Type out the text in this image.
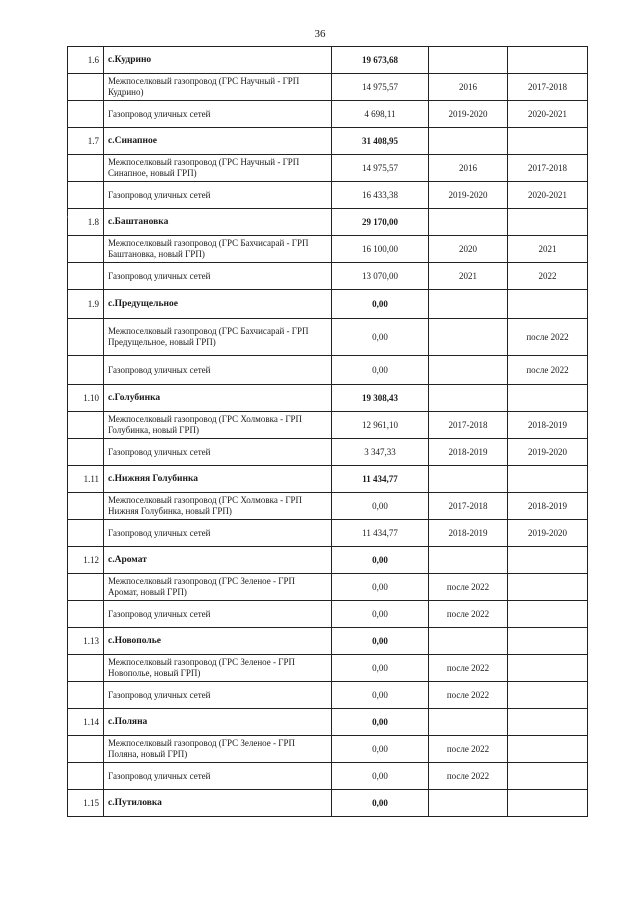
36
1.6	с.Кудрино	19 673,68		
	Межпоселковый газопровод (ГРС Научный - ГРП Кудрино)	14 975,57	2016	2017-2018
	Газопровод уличных сетей	4 698,11	2019-2020	2020-2021
1.7	с.Синапное	31 408,95		
	Межпоселковый газопровод (ГРС Научный - ГРП Синапное, новый ГРП)	14 975,57	2016	2017-2018
	Газопровод уличных сетей	16 433,38	2019-2020	2020-2021
1.8	с.Баштановка	29 170,00		
	Межпоселковый газопровод (ГРС Бахчисарай - ГРП Баштановка, новый ГРП)	16 100,00	2020	2021
	Газопровод уличных сетей	13 070,00	2021	2022
1.9	с.Предущельное	0,00		
	Межпоселковый газопровод (ГРС Бахчисарай - ГРП Предущельное, новый ГРП)	0,00		после 2022
	Газопровод уличных сетей	0,00		после 2022
1.10	с.Голубинка	19 308,43		
	Межпоселковый газопровод (ГРС Холмовка - ГРП Голубинка, новый ГРП)	12 961,10	2017-2018	2018-2019
	Газопровод уличных сетей	3 347,33	2018-2019	2019-2020
1.11	с.Нижняя Голубинка	11 434,77		
	Межпоселковый газопровод (ГРС Холмовка - ГРП Нижняя Голубинка, новый ГРП)	0,00	2017-2018	2018-2019
	Газопровод уличных сетей	11 434,77	2018-2019	2019-2020
1.12	с.Аромат	0,00		
	Межпоселковый газопровод (ГРС Зеленое - ГРП Аромат, новый ГРП)	0,00	после 2022	
	Газопровод уличных сетей	0,00	после 2022	
1.13	с.Новополье	0,00		
	Межпоселковый газопровод (ГРС Зеленое - ГРП Новополье, новый ГРП)	0,00	после 2022	
	Газопровод уличных сетей	0,00	после 2022	
1.14	с.Поляна	0,00		
	Межпоселковый газопровод (ГРС Зеленое - ГРП Поляна, новый ГРП)	0,00	после 2022	
	Газопровод уличных сетей	0,00	после 2022	
1.15	с.Путиловка	0,00		
·
